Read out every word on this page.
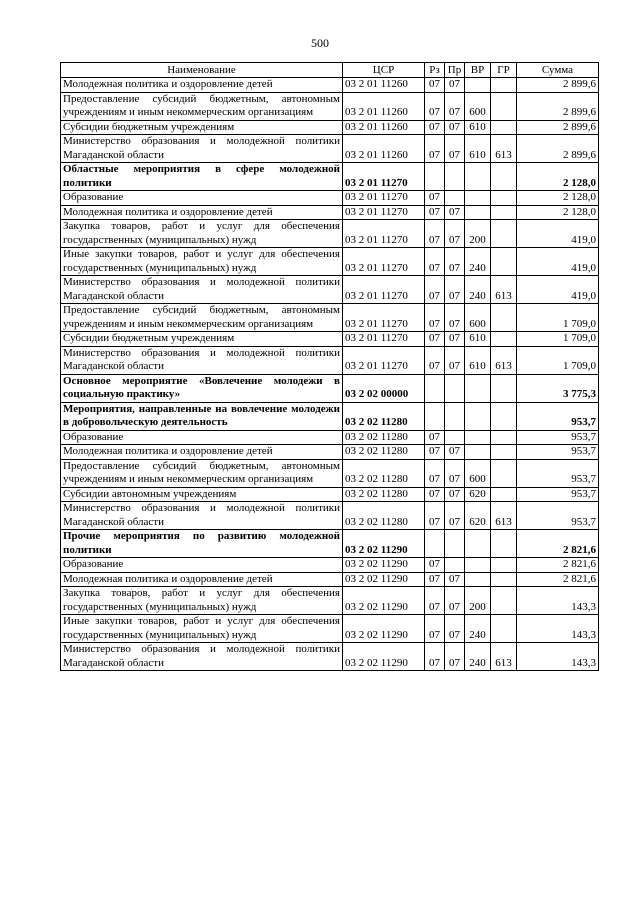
500
Наименование	ЦСР	Рз	Пр	ВР	ГР	Сумма
Молодежная политика и оздоровление детей	03 2 01 11260	07	07			2 899,6
Предоставление субсидий бюджетным, автономным учреждениям и иным некоммерческим организациям	03 2 01 11260	07	07	600		2 899,6
Субсидии бюджетным учреждениям	03 2 01 11260	07	07	610		2 899,6
Министерство образования и молодежной политики Магаданской области	03 2 01 11260	07	07	610	613	2 899,6
Областные мероприятия в сфере молодежной политики	03 2 01 11270					2 128,0
Образование	03 2 01 11270	07				2 128,0
Молодежная политика и оздоровление детей	03 2 01 11270	07	07			2 128,0
Закупка товаров, работ и услуг для обеспечения государственных (муниципальных) нужд	03 2 01 11270	07	07	200		419,0
Иные закупки товаров, работ и услуг для обеспечения государственных (муниципальных) нужд	03 2 01 11270	07	07	240		419,0
Министерство образования и молодежной политики Магаданской области	03 2 01 11270	07	07	240	613	419,0
Предоставление субсидий бюджетным, автономным учреждениям и иным некоммерческим организациям	03 2 01 11270	07	07	600		1 709,0
Субсидии бюджетным учреждениям	03 2 01 11270	07	07	610		1 709,0
Министерство образования и молодежной политики Магаданской области	03 2 01 11270	07	07	610	613	1 709,0
Основное мероприятие «Вовлечение молодежи в социальную практику»	03 2 02 00000					3 775,3
Мероприятия, направленные на вовлечение молодежи в добровольческую деятельность	03 2 02 11280					953,7
Образование	03 2 02 11280	07				953,7
Молодежная политика и оздоровление детей	03 2 02 11280	07	07			953,7
Предоставление субсидий бюджетным, автономным учреждениям и иным некоммерческим организациям	03 2 02 11280	07	07	600		953,7
Субсидии автономным учреждениям	03 2 02 11280	07	07	620		953,7
Министерство образования и молодежной политики Магаданской области	03 2 02 11280	07	07	620	613	953,7
Прочие мероприятия по развитию молодежной политики	03 2 02 11290					2 821,6
Образование	03 2 02 11290	07				2 821,6
Молодежная политика и оздоровление детей	03 2 02 11290	07	07			2 821,6
Закупка товаров, работ и услуг для обеспечения государственных (муниципальных) нужд	03 2 02 11290	07	07	200		143,3
Иные закупки товаров, работ и услуг для обеспечения государственных (муниципальных) нужд	03 2 02 11290	07	07	240		143,3
Министерство образования и молодежной политики Магаданской области	03 2 02 11290	07	07	240	613	143,3
